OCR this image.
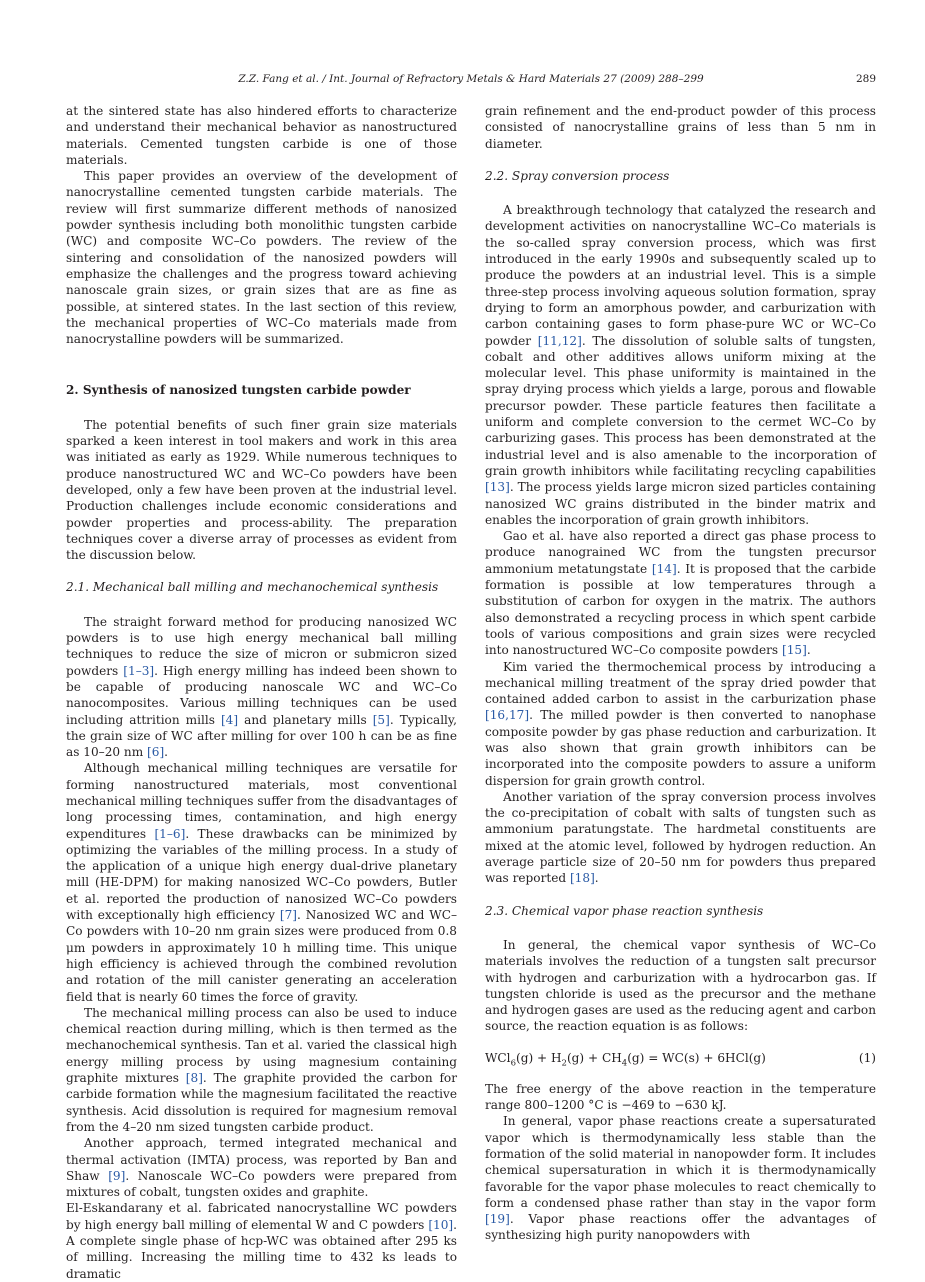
Z.Z. Fang et al. / Int. Journal of Refractory Metals & Hard Materials 27 (2009) 288–299	289

at the sintered state has also hindered efforts to characterize and understand their mechanical behavior as nanostructured materials. Cemented tungsten carbide is one of those materials.

This paper provides an overview of the development of nanocrystalline cemented tungsten carbide materials. The review will first summarize different methods of nanosized powder synthesis including both monolithic tungsten carbide (WC) and composite WC–Co powders. The review of the sintering and consolidation of the nanosized powders will emphasize the challenges and the progress toward achieving nanoscale grain sizes, or grain sizes that are as fine as possible, at sintered states. In the last section of this review, the mechanical properties of WC–Co materials made from nanocrystalline powders will be summarized.

2. Synthesis of nanosized tungsten carbide powder

The potential benefits of such finer grain size materials sparked a keen interest in tool makers and work in this area was initiated as early as 1929. While numerous techniques to produce nanostructured WC and WC–Co powders have been developed, only a few have been proven at the industrial level. Production challenges include economic considerations and powder properties and process-ability. The preparation techniques cover a diverse array of processes as evident from the discussion below.

2.1. Mechanical ball milling and mechanochemical synthesis

The straight forward method for producing nanosized WC powders is to use high energy mechanical ball milling techniques to reduce the size of micron or submicron sized powders [1–3]. High energy milling has indeed been shown to be capable of producing nanoscale WC and WC–Co nanocomposites. Various milling techniques can be used including attrition mills [4] and planetary mills [5]. Typically, the grain size of WC after milling for over 100 h can be as fine as 10–20 nm [6].

Although mechanical milling techniques are versatile for forming nanostructured materials, most conventional mechanical milling techniques suffer from the disadvantages of long processing times, contamination, and high energy expenditures [1–6]. These drawbacks can be minimized by optimizing the variables of the milling process. In a study of the application of a unique high energy dual-drive planetary mill (HE-DPM) for making nanosized WC–Co powders, Butler et al. reported the production of nanosized WC–Co powders with exceptionally high efficiency [7]. Nanosized WC and WC–Co powders with 10–20 nm grain sizes were produced from 0.8 μm powders in approximately 10 h milling time. This unique high efficiency is achieved through the combined revolution and rotation of the mill canister generating an acceleration field that is nearly 60 times the force of gravity.

The mechanical milling process can also be used to induce chemical reaction during milling, which is then termed as the mechanochemical synthesis. Tan et al. varied the classical high energy milling process by using magnesium containing graphite mixtures [8]. The graphite provided the carbon for carbide formation while the magnesium facilitated the reactive synthesis. Acid dissolution is required for magnesium removal from the 4–20 nm sized tungsten carbide product.

Another approach, termed integrated mechanical and thermal activation (IMTA) process, was reported by Ban and Shaw [9]. Nanoscale WC–Co powders were prepared from mixtures of cobalt, tungsten oxides and graphite.

El-Eskandarany et al. fabricated nanocrystalline WC powders by high energy ball milling of elemental W and C powders [10]. A complete single phase of hcp-WC was obtained after 295 ks of milling. Increasing the milling time to 432 ks leads to dramatic

grain refinement and the end-product powder of this process consisted of nanocrystalline grains of less than 5 nm in diameter.

2.2. Spray conversion process

A breakthrough technology that catalyzed the research and development activities on nanocrystalline WC–Co materials is the so-called spray conversion process, which was first introduced in the early 1990s and subsequently scaled up to produce the powders at an industrial level. This is a simple three-step process involving aqueous solution formation, spray drying to form an amorphous powder, and carburization with carbon containing gases to form phase-pure WC or WC–Co powder [11,12]. The dissolution of soluble salts of tungsten, cobalt and other additives allows uniform mixing at the molecular level. This phase uniformity is maintained in the spray drying process which yields a large, porous and flowable precursor powder. These particle features then facilitate a uniform and complete conversion to the cermet WC–Co by carburizing gases. This process has been demonstrated at the industrial level and is also amenable to the incorporation of grain growth inhibitors while facilitating recycling capabilities [13]. The process yields large micron sized particles containing nanosized WC grains distributed in the binder matrix and enables the incorporation of grain growth inhibitors.

Gao et al. have also reported a direct gas phase process to produce nanograined WC from the tungsten precursor ammonium metatungstate [14]. It is proposed that the carbide formation is possible at low temperatures through a substitution of carbon for oxygen in the matrix. The authors also demonstrated a recycling process in which spent carbide tools of various compositions and grain sizes were recycled into nanostructured WC–Co composite powders [15].

Kim varied the thermochemical process by introducing a mechanical milling treatment of the spray dried powder that contained added carbon to assist in the carburization phase [16,17]. The milled powder is then converted to nanophase composite powder by gas phase reduction and carburization. It was also shown that grain growth inhibitors can be incorporated into the composite powders to assure a uniform dispersion for grain growth control.

Another variation of the spray conversion process involves the co-precipitation of cobalt with salts of tungsten such as ammonium paratungstate. The hardmetal constituents are mixed at the atomic level, followed by hydrogen reduction. An average particle size of 20–50 nm for powders thus prepared was reported [18].

2.3. Chemical vapor phase reaction synthesis

In general, the chemical vapor synthesis of WC–Co materials involves the reduction of a tungsten salt precursor with hydrogen and carburization with a hydrocarbon gas. If tungsten chloride is used as the precursor and the methane and hydrogen gases are used as the reducing agent and carbon source, the reaction equation is as follows:

$WCl_6(g) + H_2(g) + CH_4(g) = WC(s) + 6HCl(g)$	(1)

The free energy of the above reaction in the temperature range 800–1200 °C is −469 to −630 kJ.

In general, vapor phase reactions create a supersaturated vapor which is thermodynamically less stable than the formation of the solid material in nanopowder form. It includes chemical supersaturation in which it is thermodynamically favorable for the vapor phase molecules to react chemically to form a condensed phase rather than stay in the vapor form [19]. Vapor phase reactions offer the advantages of synthesizing high purity nanopowders with
